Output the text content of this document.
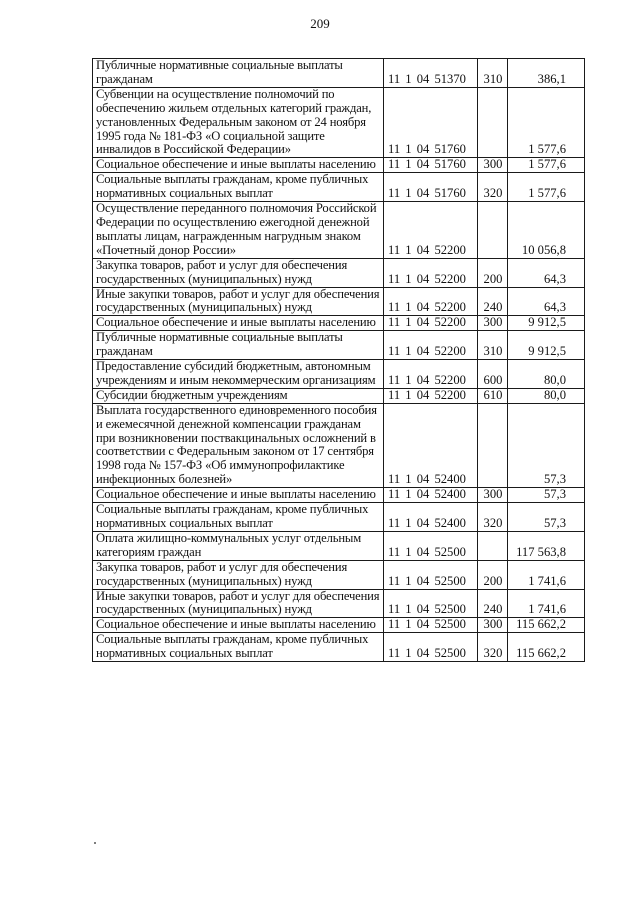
209
Публичные нормативные социальные выплаты гражданам	11 1 04 51370	310	386,1
Субвенции на осуществление полномочий по обеспечению жильем отдельных категорий граждан, установленных Федеральным законом от 24 ноября 1995 года № 181-ФЗ «О социальной защите инвалидов в Российской Федерации»	11 1 04 51760		1 577,6
Социальное обеспечение и иные выплаты населению	11 1 04 51760	300	1 577,6
Социальные выплаты гражданам, кроме публичных нормативных социальных выплат	11 1 04 51760	320	1 577,6
Осуществление переданного полномочия Российской Федерации по осуществлению ежегодной денежной выплаты лицам, награжденным нагрудным знаком «Почетный донор России»	11 1 04 52200		10 056,8
Закупка товаров, работ и услуг для обеспечения государственных (муниципальных) нужд	11 1 04 52200	200	64,3
Иные закупки товаров, работ и услуг для обеспечения государственных (муниципальных) нужд	11 1 04 52200	240	64,3
Социальное обеспечение и иные выплаты населению	11 1 04 52200	300	9 912,5
Публичные нормативные социальные выплаты гражданам	11 1 04 52200	310	9 912,5
Предоставление субсидий бюджетным, автономным учреждениям и иным некоммерческим организациям	11 1 04 52200	600	80,0
Субсидии бюджетным учреждениям	11 1 04 52200	610	80,0
Выплата государственного единовременного пособия и ежемесячной денежной компенсации гражданам при возникновении поствакцинальных осложнений в соответствии с Федеральным законом от 17 сентября 1998 года № 157-ФЗ «Об иммунопрофилактике инфекционных болезней»	11 1 04 52400		57,3
Социальное обеспечение и иные выплаты населению	11 1 04 52400	300	57,3
Социальные выплаты гражданам, кроме публичных нормативных социальных выплат	11 1 04 52400	320	57,3
Оплата жилищно-коммунальных услуг отдельным категориям граждан	11 1 04 52500		117 563,8
Закупка товаров, работ и услуг для обеспечения государственных (муниципальных) нужд	11 1 04 52500	200	1 741,6
Иные закупки товаров, работ и услуг для обеспечения государственных (муниципальных) нужд	11 1 04 52500	240	1 741,6
Социальное обеспечение и иные выплаты населению	11 1 04 52500	300	115 662,2
Социальные выплаты гражданам, кроме публичных нормативных социальных выплат	11 1 04 52500	320	115 662,2
